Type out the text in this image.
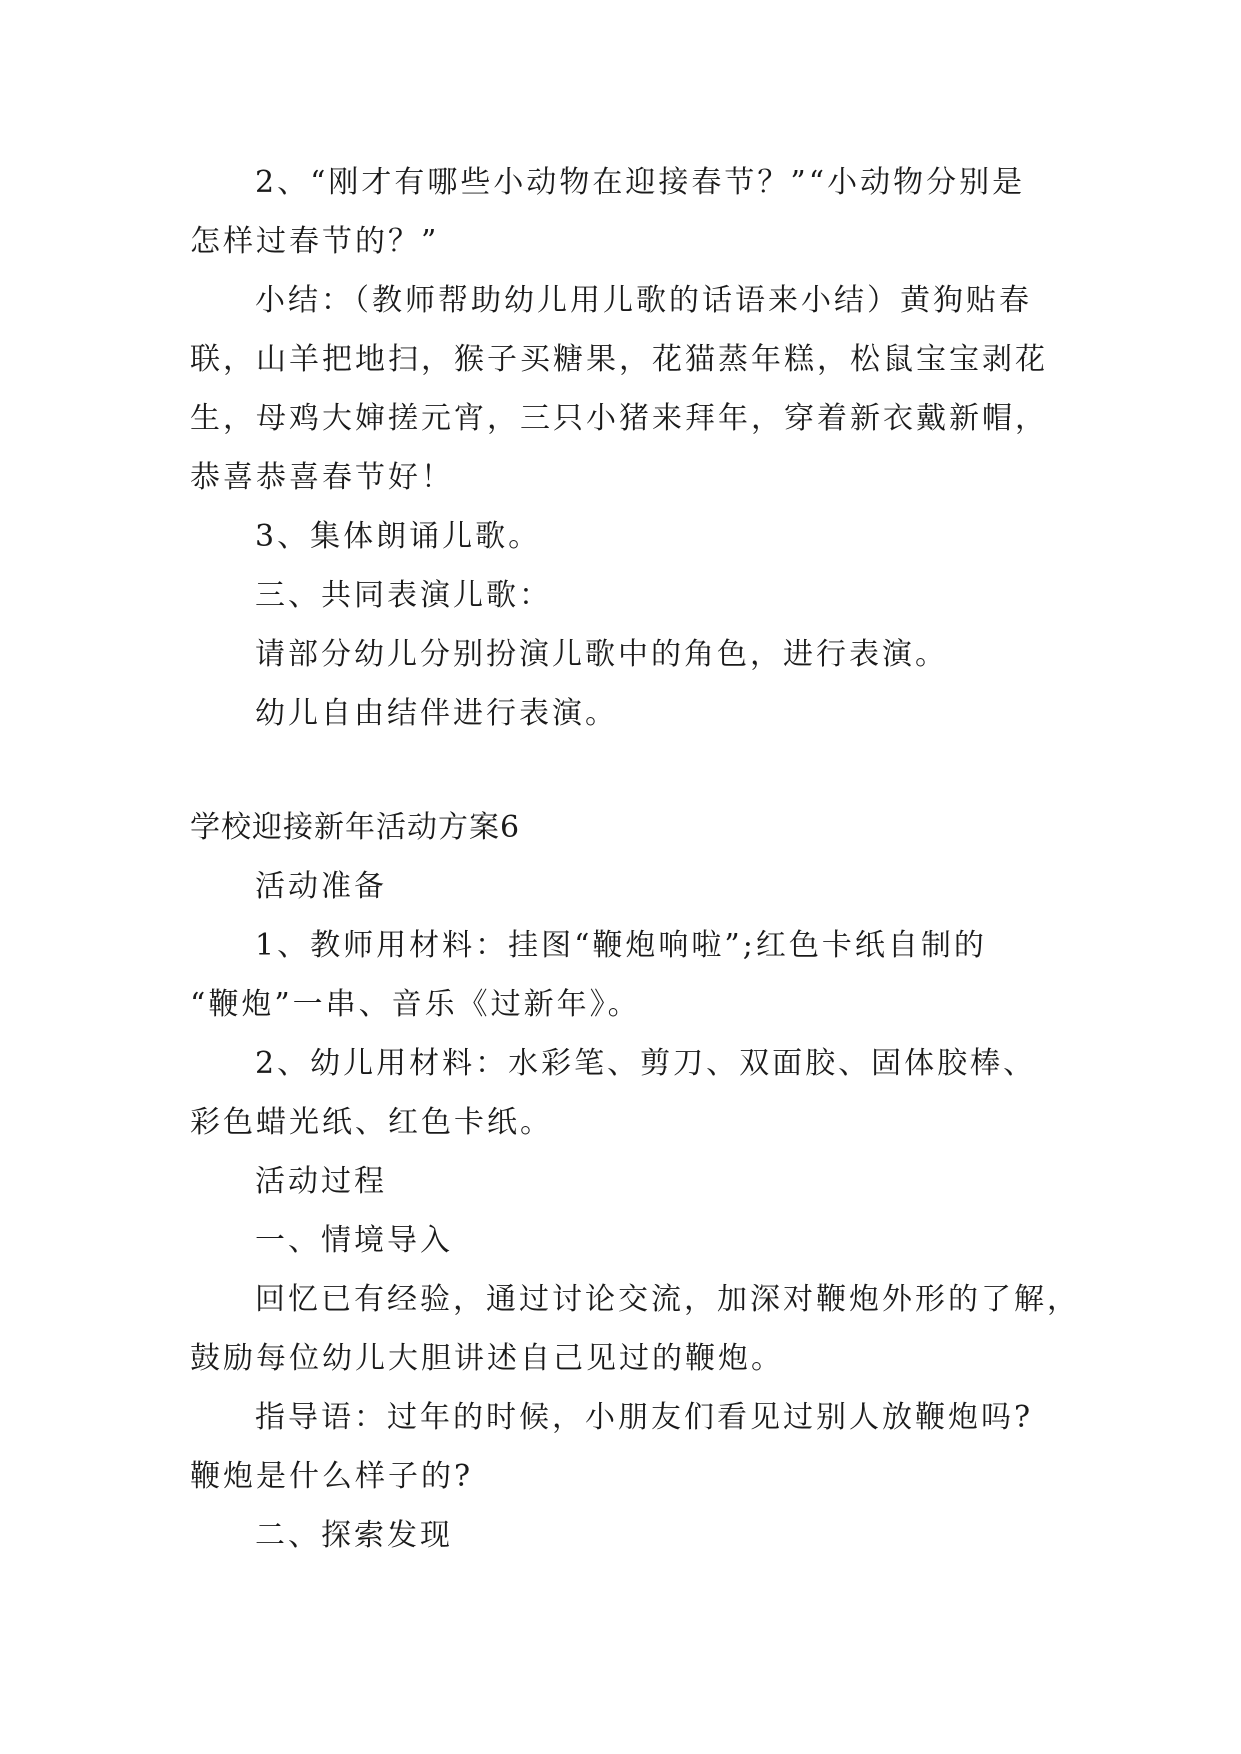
2、“刚才有哪些小动物在迎接春节？”“小动物分别是
怎样过春节的？”
小结：（教师帮助幼儿用儿歌的话语来小结）黄狗贴春
联，山羊把地扫，猴子买糖果，花猫蒸年糕，松鼠宝宝剥花
生，母鸡大婶搓元宵，三只小猪来拜年，穿着新衣戴新帽，
恭喜恭喜春节好！
3、集体朗诵儿歌。
三、共同表演儿歌：
请部分幼儿分别扮演儿歌中的角色，进行表演。
幼儿自由结伴进行表演。
学校迎接新年活动方案6
活动准备
1、教师用材料：挂图“鞭炮响啦”;红色卡纸自制的
“鞭炮”一串、音乐《过新年》。
2、幼儿用材料：水彩笔、剪刀、双面胶、固体胶棒、
彩色蜡光纸、红色卡纸。
活动过程
一、情境导入
回忆已有经验，通过讨论交流，加深对鞭炮外形的了解，
鼓励每位幼儿大胆讲述自己见过的鞭炮。
指导语：过年的时候，小朋友们看见过别人放鞭炮吗?
鞭炮是什么样子的?
二、探索发现
